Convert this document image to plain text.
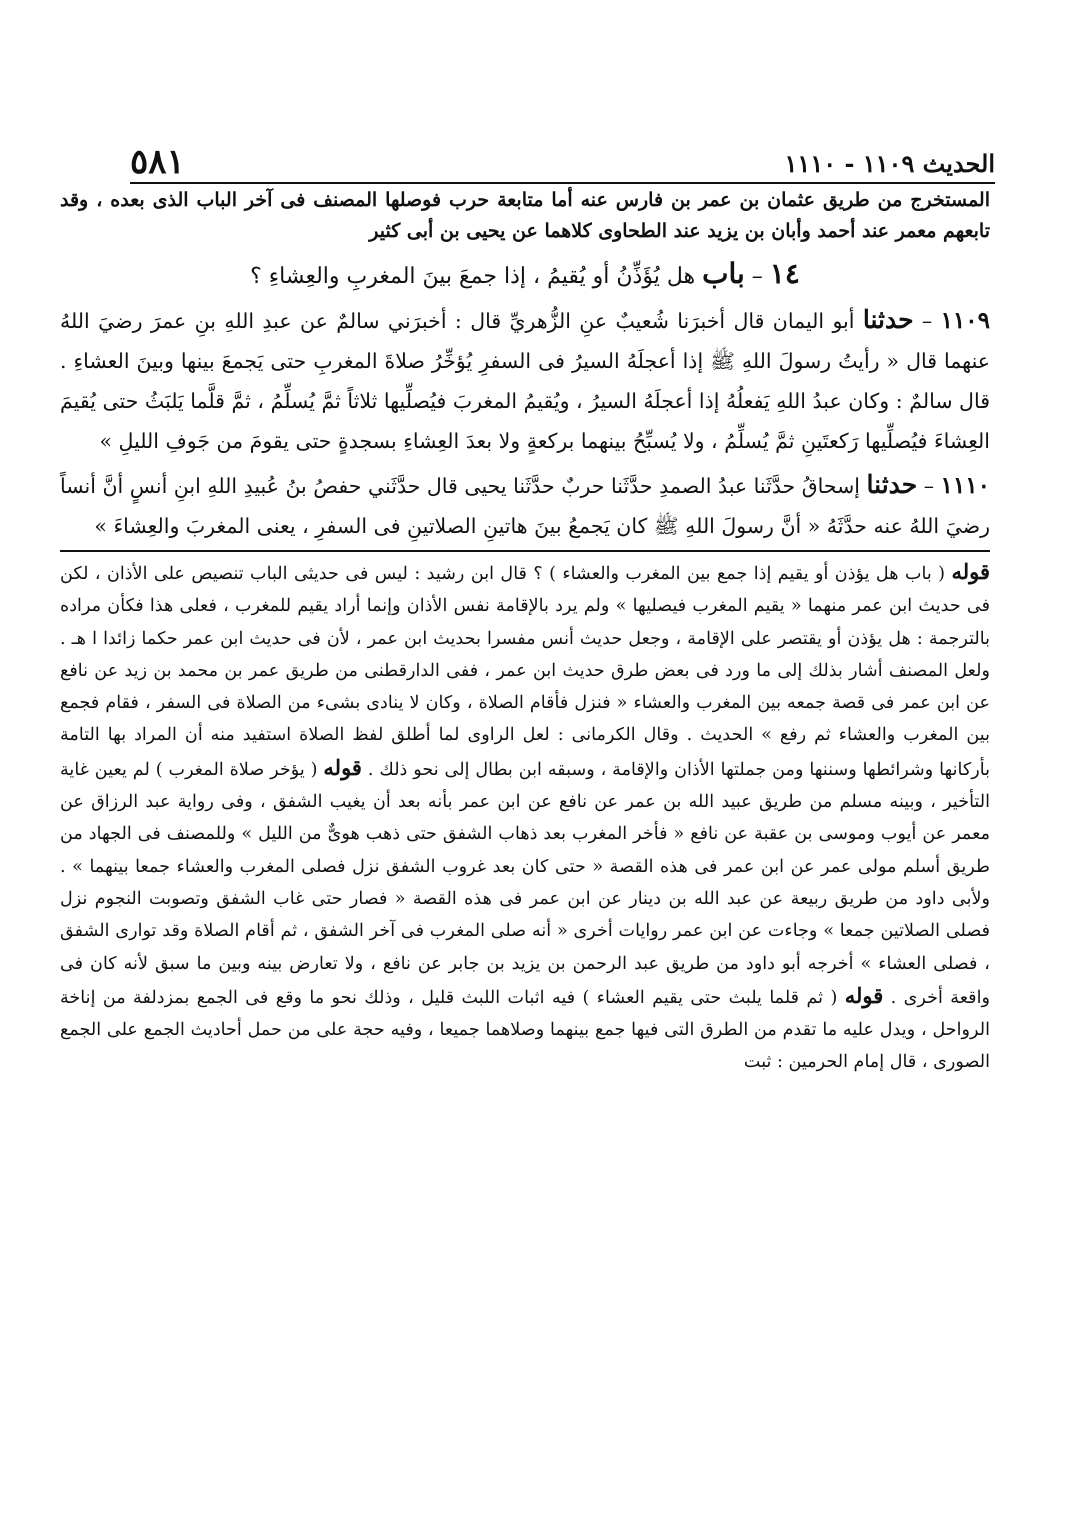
٥٨١	الحديث ١١٠٩ - ١١١٠

المستخرج من طريق عثمان بن عمر بن فارس عنه أما متابعة حرب فوصلها المصنف فى آخر الباب الذى بعده ، وقد تابعهم معمر عند أحمد وأبان بن يزيد عند الطحاوى كلاهما عن يحيى بن أبى كثير

١٤ – باب هل يُؤَذِّنُ أو يُقيمُ ، إذا جمعَ بينَ المغربِ والعِشاءِ ؟

١١٠٩ – حدثنا أبو اليمان قال أخبرَنا شُعيبٌ عنِ الزُّهريِّ قال : أخبرَني سالمٌ عن عبدِ اللهِ بنِ عمرَ رضيَ اللهُ عنهما قال « رأيتُ رسولَ اللهِ ﷺ إذا أعجلَهُ السيرُ فى السفرِ يُؤخِّرُ صلاةَ المغربِ حتى يَجمعَ بينها وبينَ العشاءِ . قال سالمٌ : وكان عبدُ اللهِ يَفعلُهُ إذا أعجلَهُ السيرُ ، ويُقيمُ المغربَ فيُصلِّيها ثلاثاً ثمَّ يُسلِّمُ ، ثمَّ قلَّما يَلبَثُ حتى يُقيمَ العِشاءَ فيُصلِّيها رَكعتَينِ ثمَّ يُسلِّمُ ، ولا يُسبِّحُ بينهما بركعةٍ ولا بعدَ العِشاءِ بسجدةٍ حتى يقومَ من جَوفِ الليلِ »

١١١٠ – حدثنا إسحاقُ حدَّثَنا عبدُ الصمدِ حدَّثَنا حربٌ حدَّثَنا يحيى قال حدَّثَني حفصُ بنُ عُبيدِ اللهِ ابنِ أنسٍ أنَّ أنساً رضيَ اللهُ عنه حدَّثَهُ « أنَّ رسولَ اللهِ ﷺ كان يَجمعُ بينَ هاتينِ الصلاتينِ فى السفرِ ، يعنى المغربَ والعِشاءَ »

قوله ( باب هل يؤذن أو يقيم إذا جمع بين المغرب والعشاء ) ؟ قال ابن رشيد : ليس فى حديثى الباب تنصيص على الأذان ، لكن فى حديث ابن عمر منهما « يقيم المغرب فيصليها » ولم يرد بالإقامة نفس الأذان وإنما أراد يقيم للمغرب ، فعلى هذا فكأن مراده بالترجمة : هل يؤذن أو يقتصر على الإقامة ، وجعل حديث أنس مفسرا بحديث ابن عمر ، لأن فى حديث ابن عمر حكما زائدا ا هـ . ولعل المصنف أشار بذلك إلى ما ورد فى بعض طرق حديث ابن عمر ، ففى الدارقطنى من طريق عمر بن محمد بن زيد عن نافع عن ابن عمر فى قصة جمعه بين المغرب والعشاء « فنزل فأقام الصلاة ، وكان لا ينادى بشىء من الصلاة فى السفر ، فقام فجمع بين المغرب والعشاء ثم رفع » الحديث . وقال الكرمانى : لعل الراوى لما أطلق لفظ الصلاة استفيد منه أن المراد بها التامة بأركانها وشرائطها وسننها ومن جملتها الأذان والإقامة ، وسبقه ابن بطال إلى نحو ذلك . قوله ( يؤخر صلاة المغرب ) لم يعين غاية التأخير ، وبينه مسلم من طريق عبيد الله بن عمر عن نافع عن ابن عمر بأنه بعد أن يغيب الشفق ، وفى رواية عبد الرزاق عن معمر عن أيوب وموسى بن عقبة عن نافع « فأخر المغرب بعد ذهاب الشفق حتى ذهب هوىٌّ من الليل » وللمصنف فى الجهاد من طريق أسلم مولى عمر عن ابن عمر فى هذه القصة « حتى كان بعد غروب الشفق نزل فصلى المغرب والعشاء جمعا بينهما » . ولأبى داود من طريق ربيعة عن عبد الله بن دينار عن ابن عمر فى هذه القصة « فصار حتى غاب الشفق وتصوبت النجوم نزل فصلى الصلاتين جمعا » وجاءت عن ابن عمر روايات أخرى « أنه صلى المغرب فى آخر الشفق ، ثم أقام الصلاة وقد توارى الشفق ، فصلى العشاء » أخرجه أبو داود من طريق عبد الرحمن بن يزيد بن جابر عن نافع ، ولا تعارض بينه وبين ما سبق لأنه كان فى واقعة أخرى . قوله ( ثم قلما يلبث حتى يقيم العشاء ) فيه اثبات اللبث قليل ، وذلك نحو ما وقع فى الجمع بمزدلفة من إناخة الرواحل ، ويدل عليه ما تقدم من الطرق التى فيها جمع بينهما وصلاهما جميعا ، وفيه حجة على من حمل أحاديث الجمع على الجمع الصورى ، قال إمام الحرمين : ثبت
